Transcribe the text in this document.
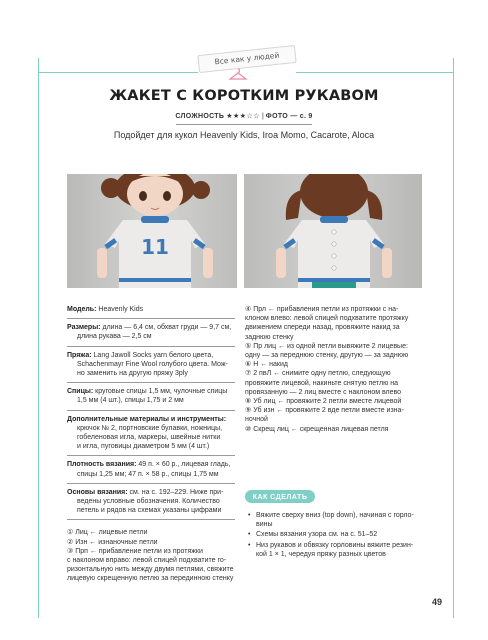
Все как у людей
ЖАКЕТ С КОРОТКИМ РУКАВОМ
СЛОЖНОСТЬ ★★★☆☆ | ФОТО — с. 9
Подойдет для кукол Heavenly Kids, Iroa Momo, Cacarote, Aloca
11
Модель: Heavenly Kids
Размеры: длина — 6,4 см, обхват груди — 9,7 см,
длина рукава — 2,5 см
Пряжа: Lang Jawoll Socks yarn белого цвета,
Schachenmayr Fine Wool голубого цвета. Мож-
но заменить на другую пряжу 3ply
Спицы: круговые спицы 1,5 мм, чулочные спицы
1,5 мм (4 шт.), спицы 1,75 и 2 мм
Дополнительные материалы и инструменты:
крючок № 2, портновские булавки, ножницы,
гобеленовая игла, маркеры, швейные нитки
и игла, пуговицы диаметром 5 мм (4 шт.)
Плотность вязания: 49 п. × 60 р., лицевая гладь,
спицы 1,25 мм; 47 п. × 58 р., спицы 1,75 мм
Основы вязания: см. на с. 192–229. Ниже при-
ведены условные обозначения. Количество
петель и рядов на схемах указаны цифрами
① Лиц ← лицевые петли
② Изн ← изнаночные петли
③ Прп ← прибавление петли из протяжки
с наклоном вправо: левой спицей подхватите го-
ризонтальную нить между двумя петлями, свяжите
лицевую скрещенную петлю за перединною стенку
④ Прл ← прибавления петли из протяжки с на-
клоном влево: левой спицей подхватите протяжку
движением спереди назад, провяжите накид за
заднюю стенку
⑤ Пр лиц ← из одной петли вывяжите 2 лицевые:
одну — за переднюю стенку, другую — за заднюю
⑥ Н ← накид
⑦ 2 пвЛ ← снимите одну петлю, следующую
провяжите лицевой, накиньте снятую петлю на
провязанную — 2 лиц вместе с наклоном влево
⑧ Уб лиц ← провяжите 2 петли вместе лицевой
⑨ Уб изн ← провяжите 2 вде петли вместе изна-
ночной
⑩ Скрещ лиц ← скрещенная лицевая петля
КАК СДЕЛАТЬ
• Вяжите сверху вниз (top down), начиная с горло-
вины
• Схемы вязания узора см. на с. 51–52
• Низ рукавов и обвязку горловины вяжите резин-
кой 1 × 1, чередуя пряжу разных цветов
49
